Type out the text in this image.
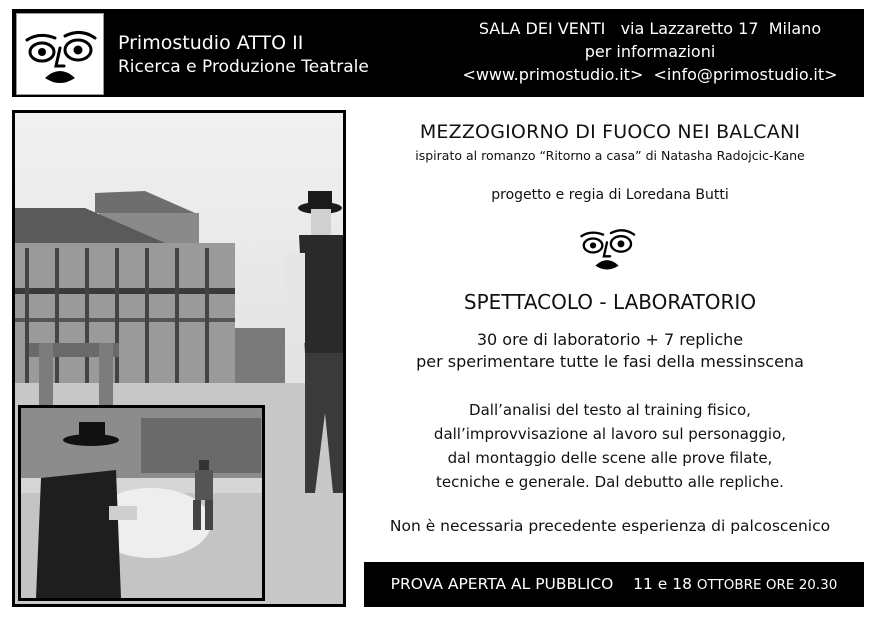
Primostudio ATTO II
Ricerca e Produzione Teatrale
SALA DEI VENTI   via Lazzaretto 17  Milano
per informazioni
<www.primostudio.it>  <info@primostudio.it>
MEZZOGIORNO DI FUOCO NEI BALCANI
ispirato al romanzo “Ritorno a casa” di Natasha Radojcic-Kane
progetto e regia di Loredana Butti
SPETTACOLO - LABORATORIO
30 ore di laboratorio + 7 repliche
per sperimentare tutte le fasi della messinscena
Dall’analisi del testo al training fisico,
dall’improvvisazione al lavoro sul personaggio,
dal montaggio delle scene alle prove filate,
tecniche e generale. Dal debutto alle repliche.
Non è necessaria precedente esperienza di palcoscenico
PROVA APERTA AL PUBBLICO 11 e 18 OTTOBRE ORE 20.30
